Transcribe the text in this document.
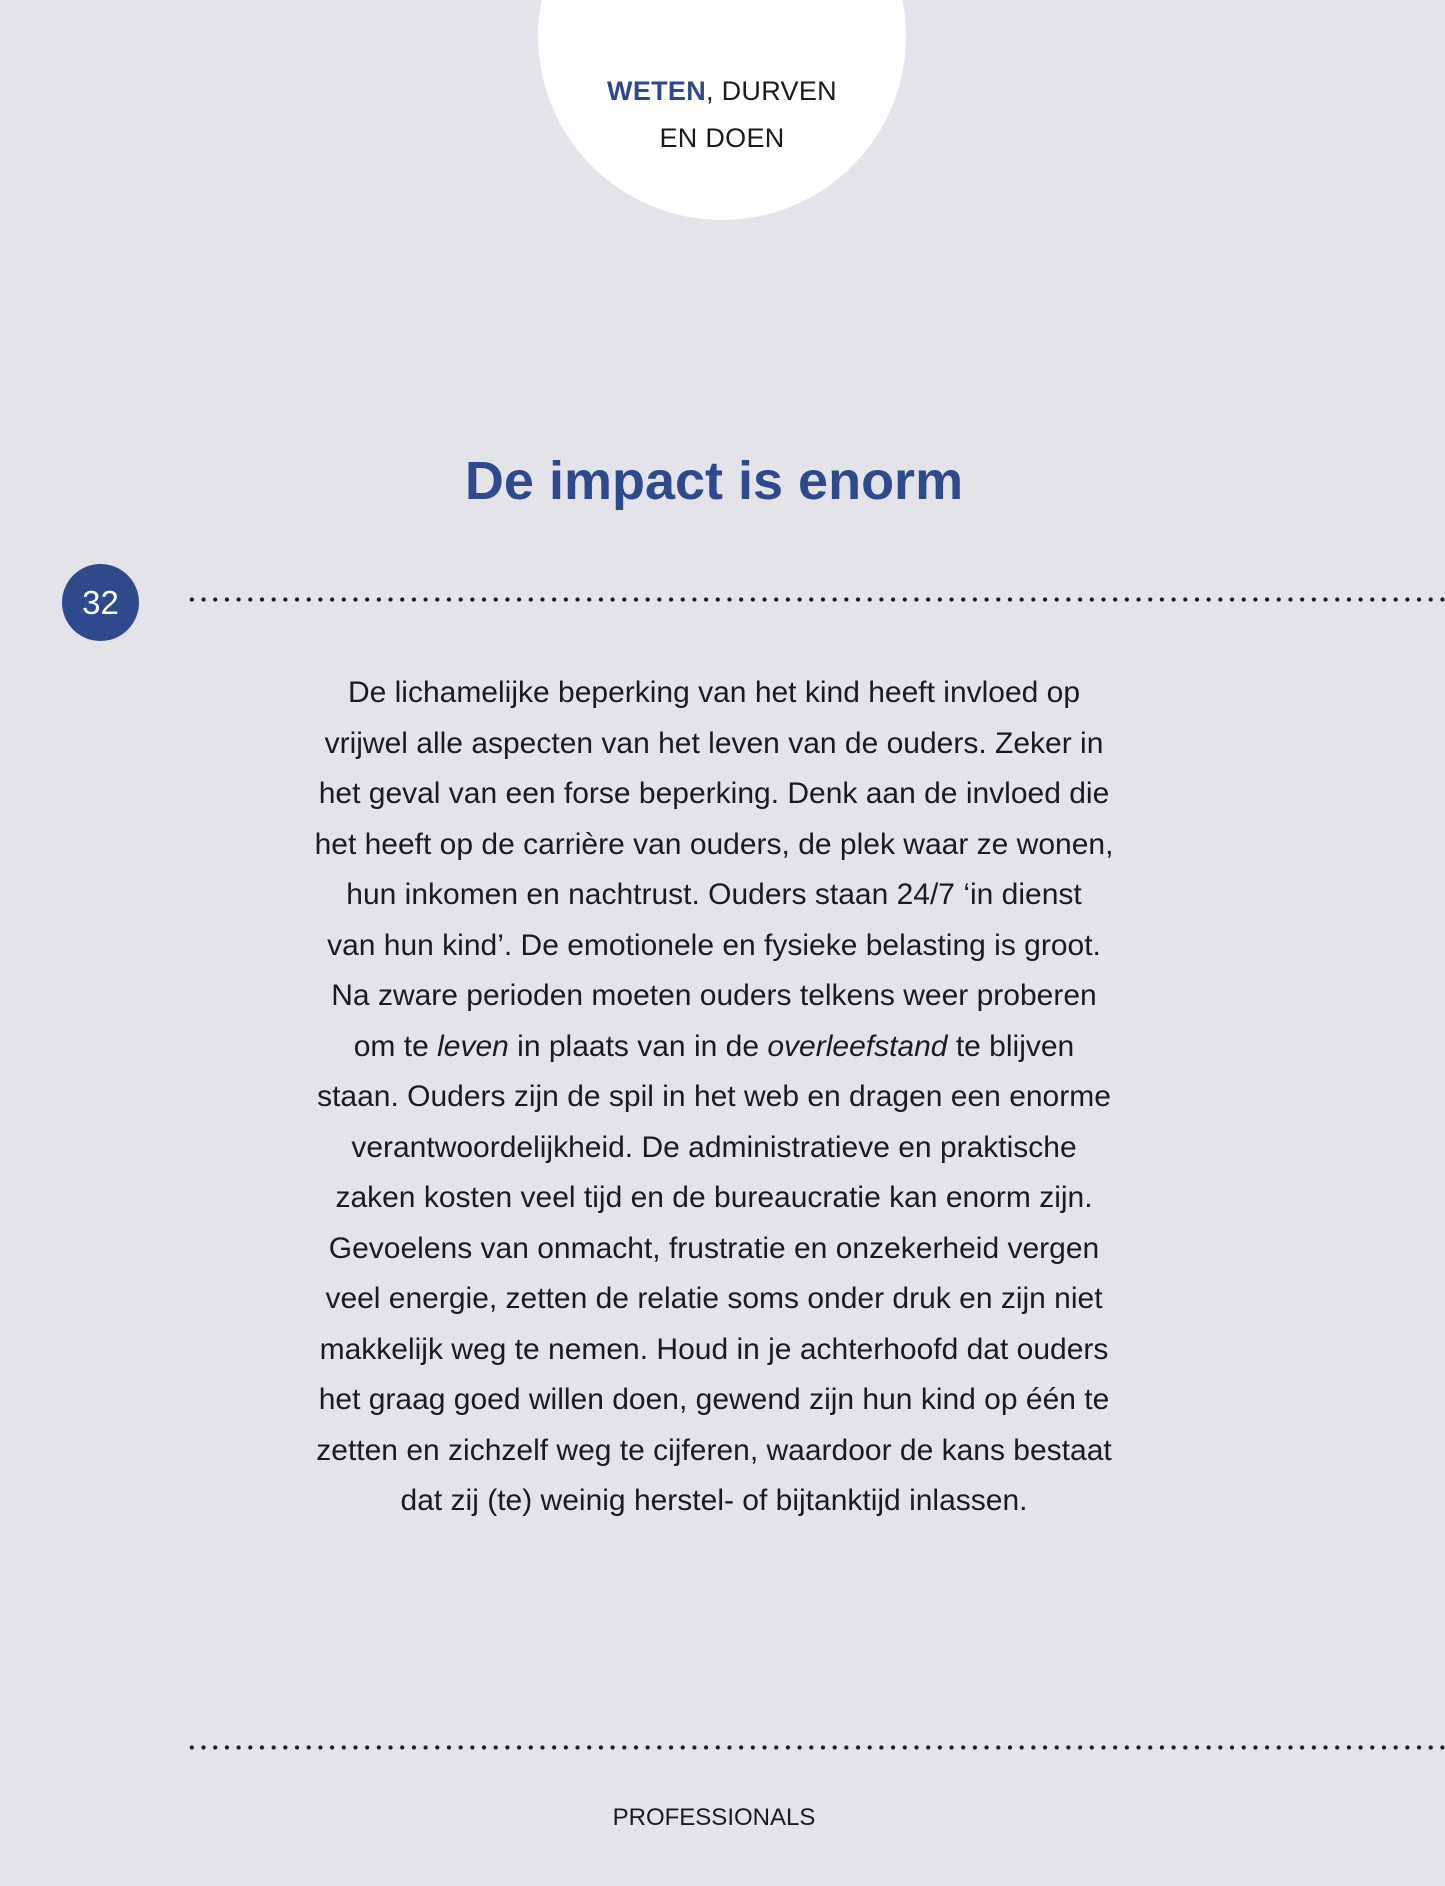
WETEN, DURVEN
EN DOEN
De impact is enorm
32
De lichamelijke beperking van het kind heeft invloed op
vrijwel alle aspecten van het leven van de ouders. Zeker in
het geval van een forse beperking. Denk aan de invloed die
het heeft op de carrière van ouders, de plek waar ze wonen,
hun inkomen en nachtrust. Ouders staan 24/7 ‘in dienst
van hun kind’. De emotionele en fysieke belasting is groot.
Na zware perioden moeten ouders telkens weer proberen
om te leven in plaats van in de overleefstand te blijven
staan. Ouders zijn de spil in het web en dragen een enorme
verantwoordelijkheid. De administratieve en praktische
zaken kosten veel tijd en de bureaucratie kan enorm zijn.
Gevoelens van onmacht, frustratie en onzekerheid vergen
veel energie, zetten de relatie soms onder druk en zijn niet
makkelijk weg te nemen. Houd in je achterhoofd dat ouders
het graag goed willen doen, gewend zijn hun kind op één te
zetten en zichzelf weg te cijferen, waardoor de kans bestaat
dat zij (te) weinig herstel- of bijtanktijd inlassen.
PROFESSIONALS
